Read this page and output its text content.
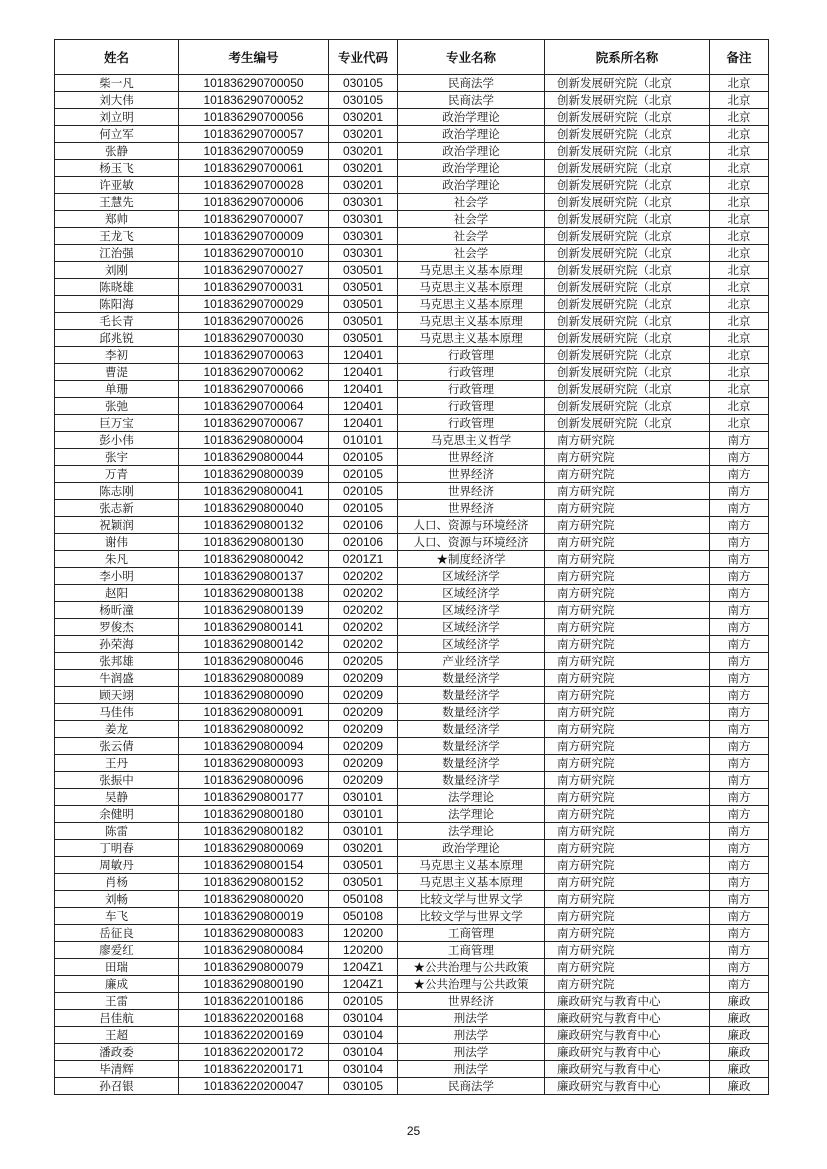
姓名	考生编号	专业代码	专业名称	院系所名称	备注
柴一凡	101836290700050	030105	民商法学	创新发展研究院（北京	北京
刘大伟	101836290700052	030105	民商法学	创新发展研究院（北京	北京
刘立明	101836290700056	030201	政治学理论	创新发展研究院（北京	北京
何立军	101836290700057	030201	政治学理论	创新发展研究院（北京	北京
张静	101836290700059	030201	政治学理论	创新发展研究院（北京	北京
杨玉飞	101836290700061	030201	政治学理论	创新发展研究院（北京	北京
许亚敏	101836290700028	030201	政治学理论	创新发展研究院（北京	北京
王慧先	101836290700006	030301	社会学	创新发展研究院（北京	北京
郑帅	101836290700007	030301	社会学	创新发展研究院（北京	北京
王龙飞	101836290700009	030301	社会学	创新发展研究院（北京	北京
江治强	101836290700010	030301	社会学	创新发展研究院（北京	北京
刘刚	101836290700027	030501	马克思主义基本原理	创新发展研究院（北京	北京
陈晓雄	101836290700031	030501	马克思主义基本原理	创新发展研究院（北京	北京
陈阳海	101836290700029	030501	马克思主义基本原理	创新发展研究院（北京	北京
毛长青	101836290700026	030501	马克思主义基本原理	创新发展研究院（北京	北京
邱兆锐	101836290700030	030501	马克思主义基本原理	创新发展研究院（北京	北京
李初	101836290700063	120401	行政管理	创新发展研究院（北京	北京
曹湜	101836290700062	120401	行政管理	创新发展研究院（北京	北京
单珊	101836290700066	120401	行政管理	创新发展研究院（北京	北京
张弛	101836290700064	120401	行政管理	创新发展研究院（北京	北京
巨万宝	101836290700067	120401	行政管理	创新发展研究院（北京	北京
彭小伟	101836290800004	010101	马克思主义哲学	南方研究院	南方
张宇	101836290800044	020105	世界经济	南方研究院	南方
万青	101836290800039	020105	世界经济	南方研究院	南方
陈志刚	101836290800041	020105	世界经济	南方研究院	南方
张志新	101836290800040	020105	世界经济	南方研究院	南方
祝颖润	101836290800132	020106	人口、资源与环境经济	南方研究院	南方
谢伟	101836290800130	020106	人口、资源与环境经济	南方研究院	南方
朱凡	101836290800042	0201Z1	★制度经济学	南方研究院	南方
李小明	101836290800137	020202	区域经济学	南方研究院	南方
赵阳	101836290800138	020202	区域经济学	南方研究院	南方
杨昕潼	101836290800139	020202	区域经济学	南方研究院	南方
罗俊杰	101836290800141	020202	区域经济学	南方研究院	南方
孙荣海	101836290800142	020202	区域经济学	南方研究院	南方
张邦雄	101836290800046	020205	产业经济学	南方研究院	南方
牛润盛	101836290800089	020209	数量经济学	南方研究院	南方
顾天翊	101836290800090	020209	数量经济学	南方研究院	南方
马佳伟	101836290800091	020209	数量经济学	南方研究院	南方
姜龙	101836290800092	020209	数量经济学	南方研究院	南方
张云倩	101836290800094	020209	数量经济学	南方研究院	南方
王丹	101836290800093	020209	数量经济学	南方研究院	南方
张振中	101836290800096	020209	数量经济学	南方研究院	南方
吴静	101836290800177	030101	法学理论	南方研究院	南方
余健明	101836290800180	030101	法学理论	南方研究院	南方
陈雷	101836290800182	030101	法学理论	南方研究院	南方
丁明春	101836290800069	030201	政治学理论	南方研究院	南方
周敏丹	101836290800154	030501	马克思主义基本原理	南方研究院	南方
肖杨	101836290800152	030501	马克思主义基本原理	南方研究院	南方
刘畅	101836290800020	050108	比较文学与世界文学	南方研究院	南方
车飞	101836290800019	050108	比较文学与世界文学	南方研究院	南方
岳征良	101836290800083	120200	工商管理	南方研究院	南方
廖爱红	101836290800084	120200	工商管理	南方研究院	南方
田瑞	101836290800079	1204Z1	★公共治理与公共政策	南方研究院	南方
廉成	101836290800190	1204Z1	★公共治理与公共政策	南方研究院	南方
王雷	101836220100186	020105	世界经济	廉政研究与教育中心	廉政
吕佳航	101836220200168	030104	刑法学	廉政研究与教育中心	廉政
王超	101836220200169	030104	刑法学	廉政研究与教育中心	廉政
潘政委	101836220200172	030104	刑法学	廉政研究与教育中心	廉政
毕清辉	101836220200171	030104	刑法学	廉政研究与教育中心	廉政
孙召银	101836220200047	030105	民商法学	廉政研究与教育中心	廉政
25
